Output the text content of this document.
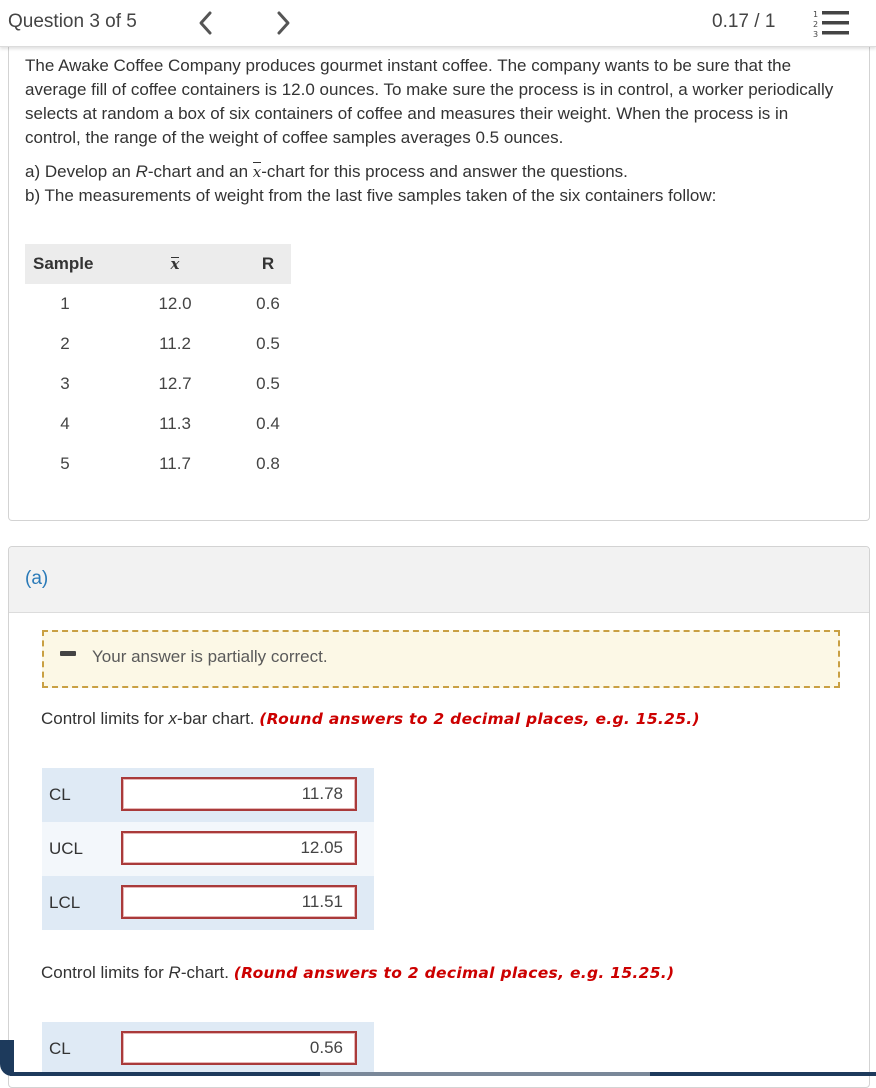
Question 3 of 5	0.17 / 1	1
2
3
The Awake Coffee Company produces gourmet instant coffee. The company wants to be sure that the average fill of coffee containers is 12.0 ounces. To make sure the process is in control, a worker periodically selects at random a box of six containers of coffee and measures their weight. When the process is in control, the range of the weight of coffee samples averages 0.5 ounces.
a) Develop an R-chart and an x-chart for this process and answer the questions.
b) The measurements of weight from the last five samples taken of the six containers follow:
Sample	x	R
1	12.0	0.6
2	11.2	0.5
3	12.7	0.5
4	11.3	0.4
5	11.7	0.8
(a)
Your answer is partially correct.
Control limits for x-bar chart. (Round answers to 2 decimal places, e.g. 15.25.)
CL	11.78
UCL	12.05
LCL	11.51
Control limits for R-chart. (Round answers to 2 decimal places, e.g. 15.25.)
CL	0.56
